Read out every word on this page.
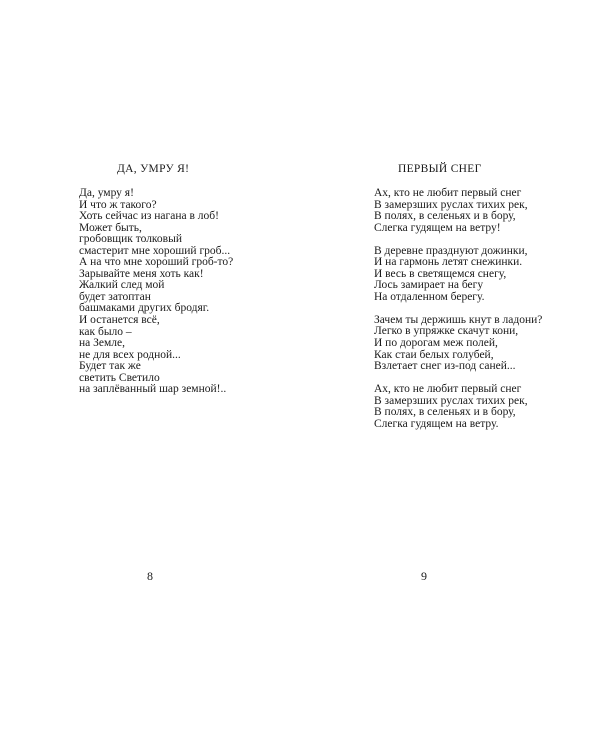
ДА, УМРУ Я!
Да, умру я!
И что ж такого?
Хоть сейчас из нагана в лоб!
Может быть,
гробовщик толковый
смастерит мне хороший гроб...
А на что мне хороший гроб-то?
Зарывайте меня хоть как!
Жалкий след мой
будет затоптан
башмаками других бродяг.
И останется всё,
как было –
на Земле,
не для всех родной...
Будет так же
светить Светило
на заплёванный шар земной!..
8
ПЕРВЫЙ СНЕГ
Ах, кто не любит первый снег
В замерзших руслах тихих рек,
В полях, в селеньях и в бору,
Слегка гудящем на ветру!
В деревне празднуют дожинки,
И на гармонь летят снежинки.
И весь в светящемся снегу,
Лось замирает на бегу
На отдаленном берегу.
Зачем ты держишь кнут в ладони?
Легко в упряжке скачут кони,
И по дорогам меж полей,
Как стаи белых голубей,
Взлетает снег из-под саней...
Ах, кто не любит первый снег
В замерзших руслах тихих рек,
В полях, в селеньях и в бору,
Слегка гудящем на ветру.
9
